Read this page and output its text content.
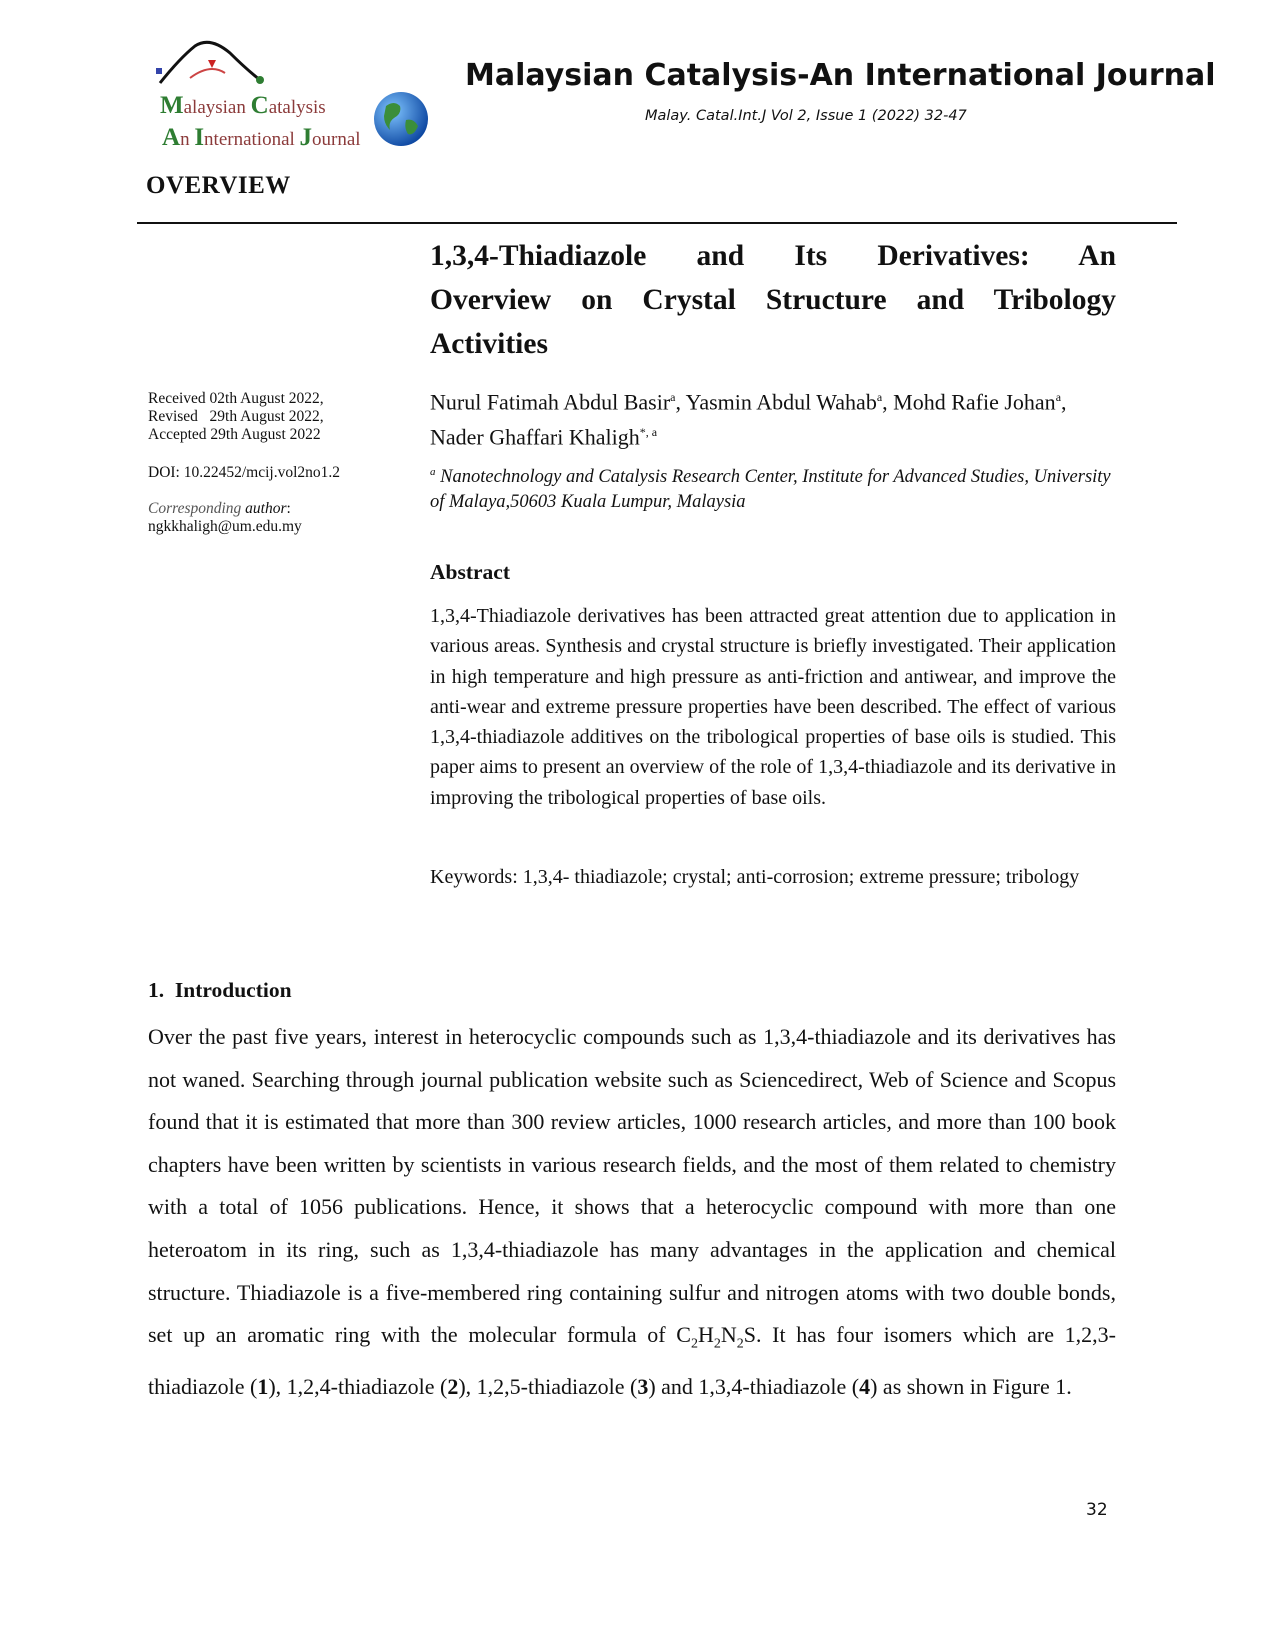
Malaysian Catalysis
An International Journal
Malaysian Catalysis-An International Journal
Malay. Catal.Int.J Vol 2, Issue 1 (2022) 32-47
OVERVIEW
1,3,4-Thiadiazole and Its Derivatives: An
Overview on Crystal Structure and Tribology
Activities
Received 02th August 2022,
Revised   29th August 2022,
Accepted 29th August 2022
DOI: 10.22452/mcij.vol2no1.2
Corresponding author:
ngkkhaligh@um.edu.my
Nurul Fatimah Abdul Basir$^a$, Yasmin Abdul Wahab$^a$, Mohd Rafie Johan$^a$, Nader Ghaffari Khaligh$^{*, a}$
$^a$ Nanotechnology and Catalysis Research Center, Institute for Advanced Studies, University of Malaya,50603 Kuala Lumpur, Malaysia
Abstract
1,3,4-Thiadiazole derivatives has been attracted great attention due to application in various areas. Synthesis and crystal structure is briefly investigated. Their application in high temperature and high pressure as anti-friction and antiwear, and improve the anti-wear and extreme pressure properties have been described. The effect of various 1,3,4-thiadiazole additives on the tribological properties of base oils is studied. This paper aims to present an overview of the role of 1,3,4-thiadiazole and its derivative in improving the tribological properties of base oils.
Keywords: 1,3,4- thiadiazole; crystal; anti-corrosion; extreme pressure; tribology
1.  Introduction
Over the past five years, interest in heterocyclic compounds such as 1,3,4-thiadiazole and its derivatives has not waned. Searching through journal publication website such as Sciencedirect, Web of Science and Scopus found that it is estimated that more than 300 review articles, 1000 research articles, and more than 100 book chapters have been written by scientists in various research fields, and the most of them related to chemistry with a total of 1056 publications. Hence, it shows that a heterocyclic compound with more than one heteroatom in its ring, such as 1,3,4-thiadiazole has many advantages in the application and chemical structure. Thiadiazole is a five-membered ring containing sulfur and nitrogen atoms with two double bonds, set up an aromatic ring with the molecular formula of $C_2H_2N_2S$. It has four isomers which are 1,2,3-thiadiazole (1), 1,2,4-thiadiazole (2), 1,2,5-thiadiazole (3) and 1,3,4-thiadiazole (4) as shown in Figure 1.
32
